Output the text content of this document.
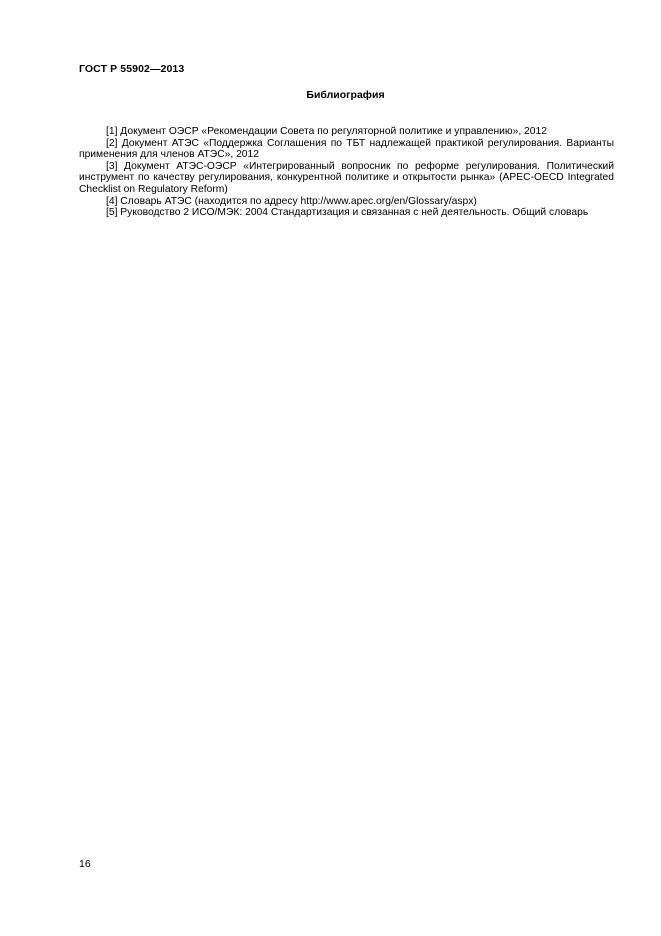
ГОСТ Р 55902—2013
Библиография

[1] Документ ОЭСР «Рекомендации Совета по регуляторной политике и управлению», 2012

[2] Документ АТЭС «Поддержка Соглашения по ТБТ надлежащей практикой регулирования. Варианты применения для членов АТЭС», 2012

[3] Документ АТЭС-ОЭСР «Интегрированный вопросник по реформе регулирования. Политический инструмент по качеству регулирования, конкурентной политике и открытости рынка» (APEC-OECD Integrated Checklist on Regulatory Reform)

[4] Словарь АТЭС (находится по адресу http://www.apec.org/en/Glossary/aspx)

[5] Руководство 2 ИСО/МЭК: 2004 Стандартизация и связанная с ней деятельность. Общий словарь

16
